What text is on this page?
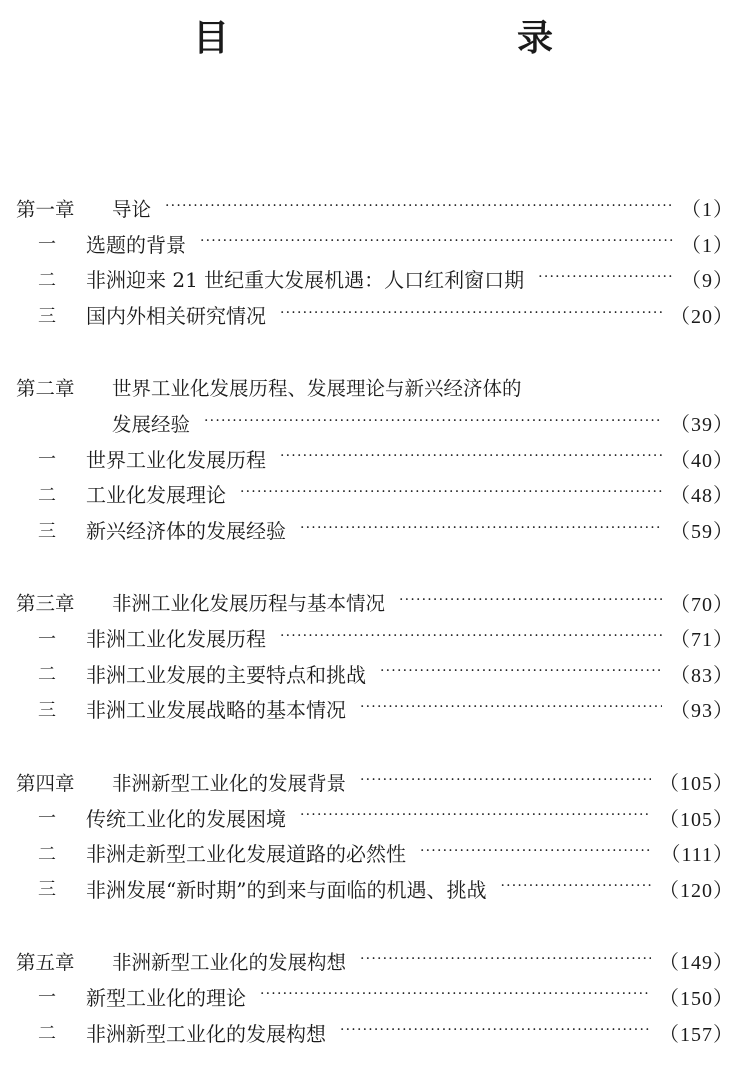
目　　录
第一章	导论 ·····	（1）
一	选题的背景 ·····	（1）
二	非洲迎来 21 世纪重大发展机遇：人口红利窗口期 ·····	（9）
三	国内外相关研究情况 ·····	（20）
第二章	世界工业化发展历程、发展理论与新兴经济体的
发展经验 ·····	（39）
一	世界工业化发展历程 ·····	（40）
二	工业化发展理论 ·····	（48）
三	新兴经济体的发展经验 ·····	（59）
第三章	非洲工业化发展历程与基本情况 ·····	（70）
一	非洲工业化发展历程 ·····	（71）
二	非洲工业发展的主要特点和挑战 ·····	（83）
三	非洲工业发展战略的基本情况 ·····	（93）
第四章	非洲新型工业化的发展背景 ·····	（105）
一	传统工业化的发展困境 ·····	（105）
二	非洲走新型工业化发展道路的必然性 ·····	（111）
三	非洲发展“新时期”的到来与面临的机遇、挑战 ·····	（120）
第五章	非洲新型工业化的发展构想 ·····	（149）
一	新型工业化的理论 ·····	（150）
二	非洲新型工业化的发展构想 ·····	（157）
